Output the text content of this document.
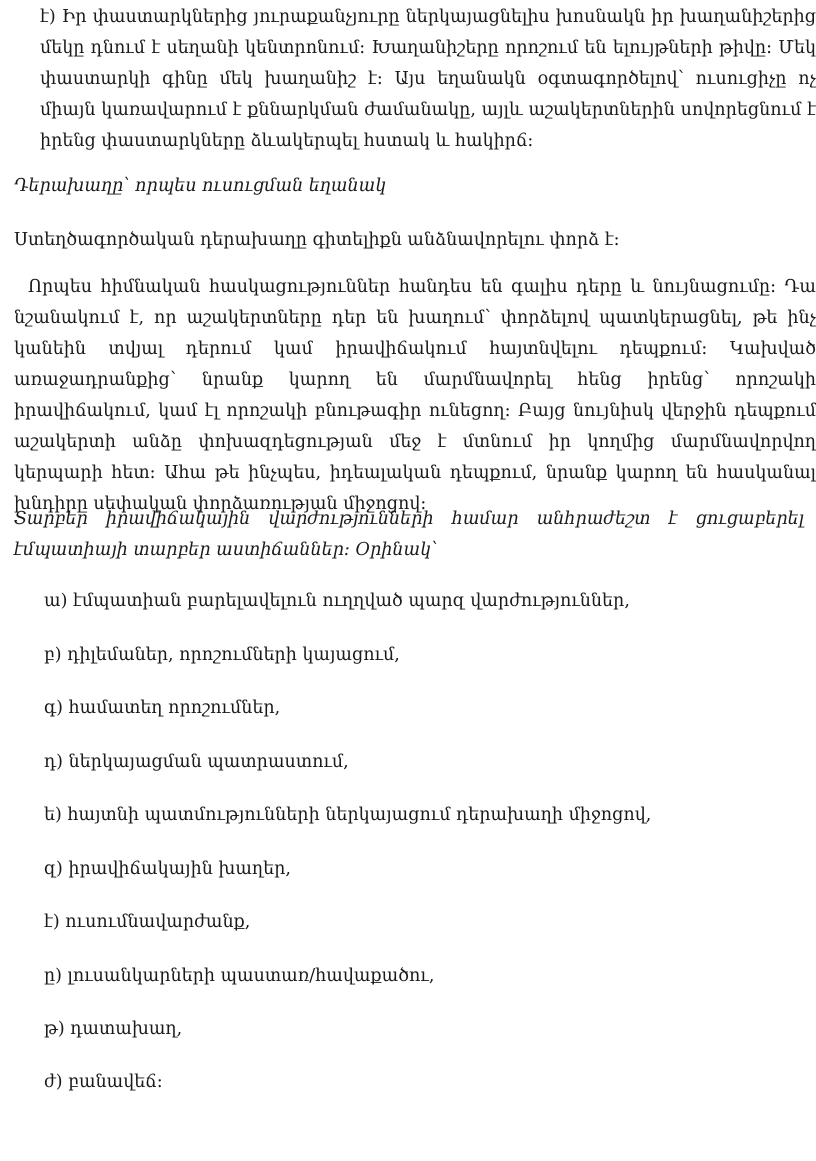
է) Իր փաստարկներից յուրաքանչյուրը ներկայացնելիս խոսնակն իր խաղանիշերից մեկը դնում է սեղանի կենտրոնում։ Խաղանիշերը որոշում են ելույթների թիվը։ Մեկ փաստարկի գինը մեկ խաղանիշ է։ Այս եղանակն օգտագործելով՝ ուսուցիչը ոչ միայն կառավարում է քննարկման ժամանակը, այլև աշակերտներին սովորեցնում է իրենց փաստարկները ձևակերպել հստակ և հակիրճ։

Դերախաղը՝ որպես ուսուցման եղանակ

Ստեղծագործական դերախաղը գիտելիքն անձնավորելու փորձ է։

Որպես հիմնական հասկացություններ հանդես են գալիս դերը և նույնացումը։ Դա նշանակում է, որ աշակերտները դեր են խաղում՝ փորձելով պատկերացնել, թե ինչ կանեին տվյալ դերում կամ իրավիճակում հայտնվելու դեպքում։ Կախված առաջադրանքից՝ նրանք կարող են մարմնավորել հենց իրենց՝ որոշակի իրավիճակում, կամ էլ որոշակի բնութագիր ունեցող։ Բայց նույնիսկ վերջին դեպքում աշակերտի անձը փոխազդեցության մեջ է մտնում իր կողմից մարմնավորվող կերպարի հետ։ Ահա թե ինչպես, իդեալական դեպքում, նրանք կարող են հասկանալ խնդիրը սեփական փորձառության միջոցով։

Տարբեր իրավիճակային վարժությունների համար անհրաժեշտ է ցուցաբերել էմպատիայի տարբեր աստիճաններ։ Օրինակ՝

ա) էմպատիան բարելավելուն ուղղված պարզ վարժություններ,

բ) դիլեմաներ, որոշումների կայացում,

գ) համատեղ որոշումներ,

դ) ներկայացման պատրաստում,

ե) հայտնի պատմությունների ներկայացում դերախաղի միջոցով,

զ) իրավիճակային խաղեր,

է) ուսումնավարժանք,

ը) լուսանկարների պաստառ/հավաքածու,

թ) դատախաղ,

ժ) բանավեճ։
